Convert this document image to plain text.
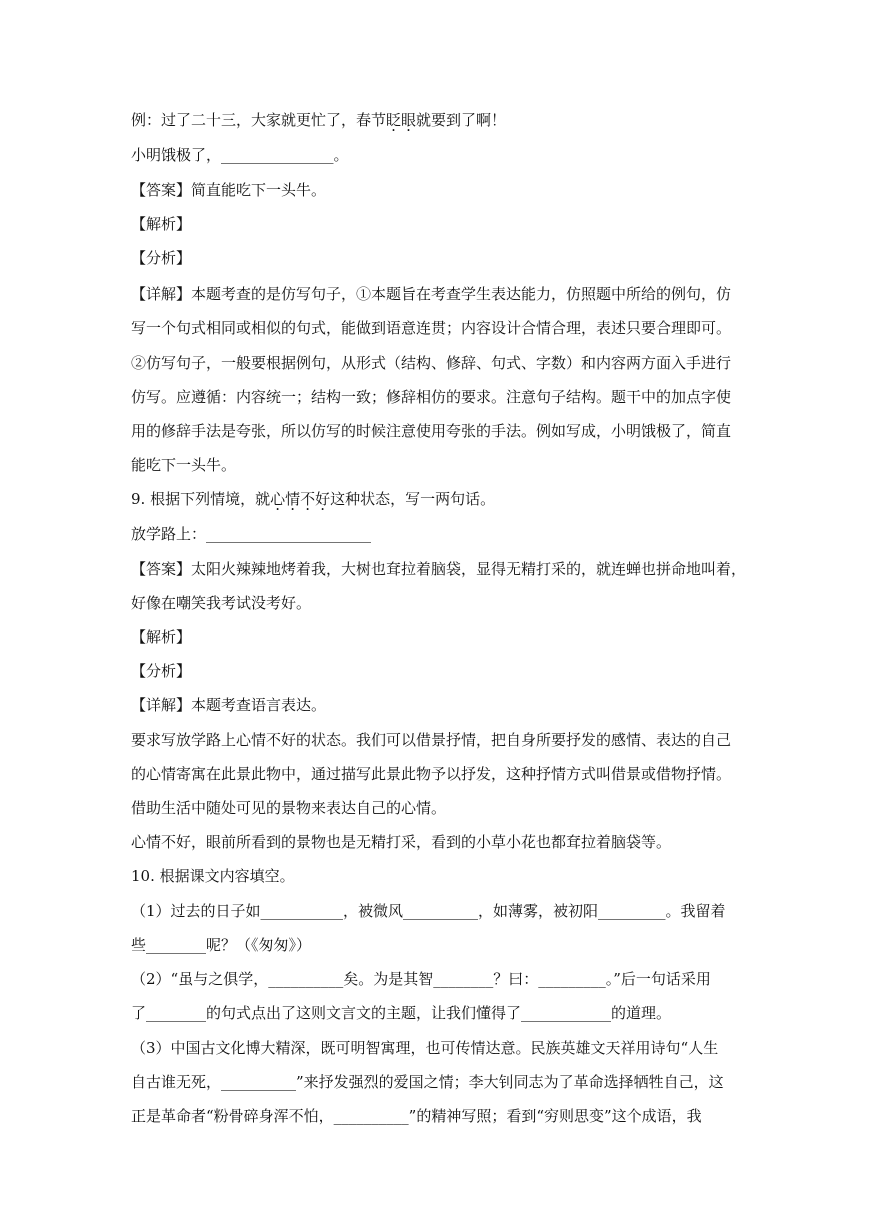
例：过了二十三，大家就更忙了，春节眨眼就要到了啊！
小明饿极了，_______________。
【答案】简直能吃下一头牛。
【解析】
【分析】
【详解】本题考查的是仿写句子，①本题旨在考查学生表达能力，仿照题中所给的例句，仿
写一个句式相同或相似的句式，能做到语意连贯；内容设计合情合理，表述只要合理即可。
②仿写句子，一般要根据例句，从形式（结构、修辞、句式、字数）和内容两方面入手进行
仿写。应遵循：内容统一；结构一致；修辞相仿的要求。注意句子结构。题干中的加点字使
用的修辞手法是夸张，所以仿写的时候注意使用夸张的手法。例如写成，小明饿极了，简直
能吃下一头牛。
9. 根据下列情境，就心情不好这种状态，写一两句话。
放学路上：______________________
【答案】太阳火辣辣地烤着我，大树也耷拉着脑袋，显得无精打采的，就连蝉也拼命地叫着，
好像在嘲笑我考试没考好。
【解析】
【分析】
【详解】本题考查语言表达。
要求写放学路上心情不好的状态。我们可以借景抒情，把自身所要抒发的感情、表达的自己
的心情寄寓在此景此物中，通过描写此景此物予以抒发，这种抒情方式叫借景或借物抒情。
借助生活中随处可见的景物来表达自己的心情。
心情不好，眼前所看到的景物也是无精打采，看到的小草小花也都耷拉着脑袋等。
10. 根据课文内容填空。
（1）过去的日子如___________，被微风__________，如薄雾，被初阳_________。我留着
些________呢？（《匆匆》）
（2）“虽与之俱学，__________矣。为是其智________？曰：_________。”后一句话采用
了________的句式点出了这则文言文的主题，让我们懂得了____________的道理。
（3）中国古文化博大精深，既可明智寓理，也可传情达意。民族英雄文天祥用诗句“人生
自古谁无死，__________”来抒发强烈的爱国之情；李大钊同志为了革命选择牺牲自己，这
正是革命者“粉骨碎身浑不怕，__________”的精神写照；看到“穷则思变”这个成语，我
